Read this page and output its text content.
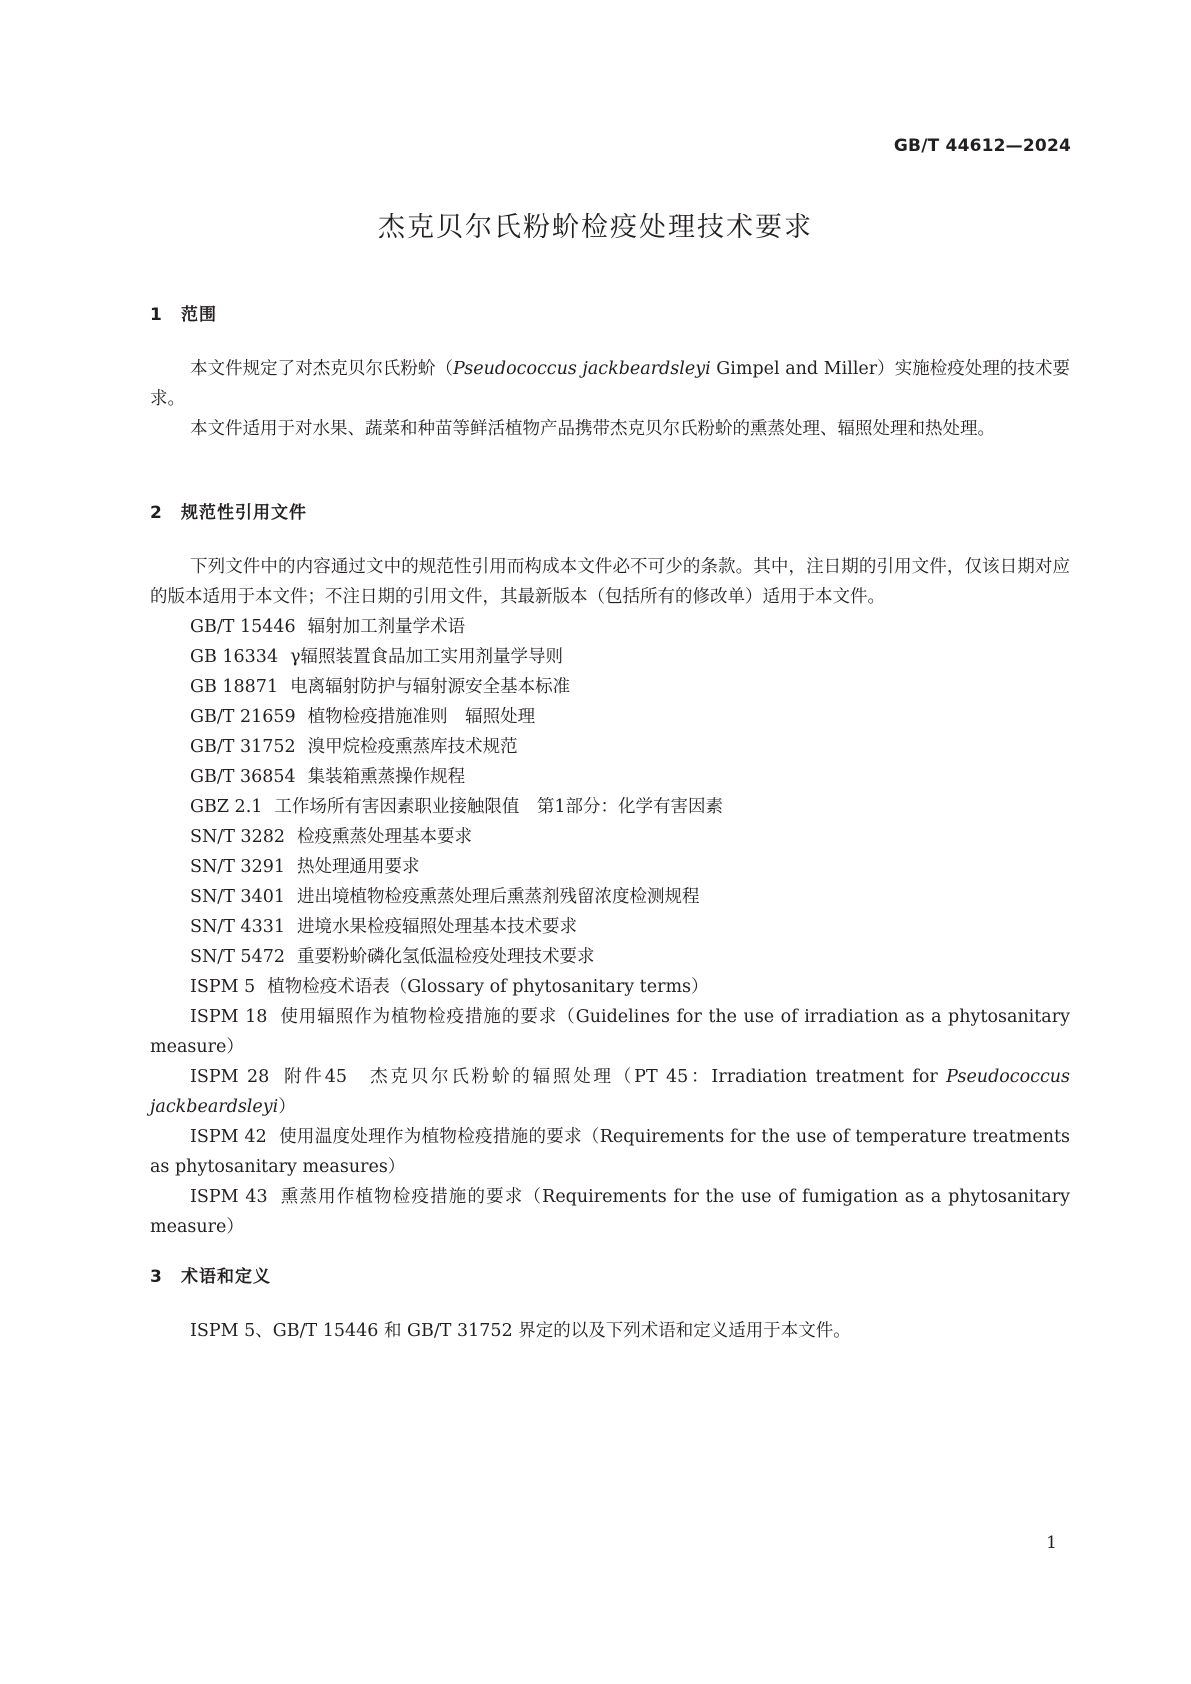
GB/T 44612—2024
杰克贝尔氏粉蚧检疫处理技术要求
1 范围

本文件规定了对杰克贝尔氏粉蚧（Pseudococcus jackbeardsleyi Gimpel and Miller）实施检疫处理的技术要求。

本文件适用于对水果、蔬菜和种苗等鲜活植物产品携带杰克贝尔氏粉蚧的熏蒸处理、辐照处理和热处理。

2 规范性引用文件

下列文件中的内容通过文中的规范性引用而构成本文件必不可少的条款。其中，注日期的引用文件，仅该日期对应的版本适用于本文件；不注日期的引用文件，其最新版本（包括所有的修改单）适用于本文件。

GB/T 15446 辐射加工剂量学术语
GB 16334 γ辐照装置食品加工实用剂量学导则
GB 18871 电离辐射防护与辐射源安全基本标准
GB/T 21659 植物检疫措施准则　辐照处理
GB/T 31752 溴甲烷检疫熏蒸库技术规范
GB/T 36854 集装箱熏蒸操作规程
GBZ 2.1 工作场所有害因素职业接触限值　第1部分：化学有害因素
SN/T 3282 检疫熏蒸处理基本要求
SN/T 3291 热处理通用要求
SN/T 3401 进出境植物检疫熏蒸处理后熏蒸剂残留浓度检测规程
SN/T 4331 进境水果检疫辐照处理基本技术要求
SN/T 5472 重要粉蚧磷化氢低温检疫处理技术要求
ISPM 5 植物检疫术语表（Glossary of phytosanitary terms）
ISPM 18 使用辐照作为植物检疫措施的要求（Guidelines for the use of irradiation as a phytosanitary measure）
ISPM 28 附件45　杰克贝尔氏粉蚧的辐照处理（PT 45：Irradiation treatment for Pseudococcus jackbeardsleyi）
ISPM 42 使用温度处理作为植物检疫措施的要求（Requirements for the use of temperature treatments as phytosanitary measures）
ISPM 43 熏蒸用作植物检疫措施的要求（Requirements for the use of fumigation as a phytosanitary measure）
3 术语和定义

ISPM 5、GB/T 15446 和 GB/T 31752 界定的以及下列术语和定义适用于本文件。

1
